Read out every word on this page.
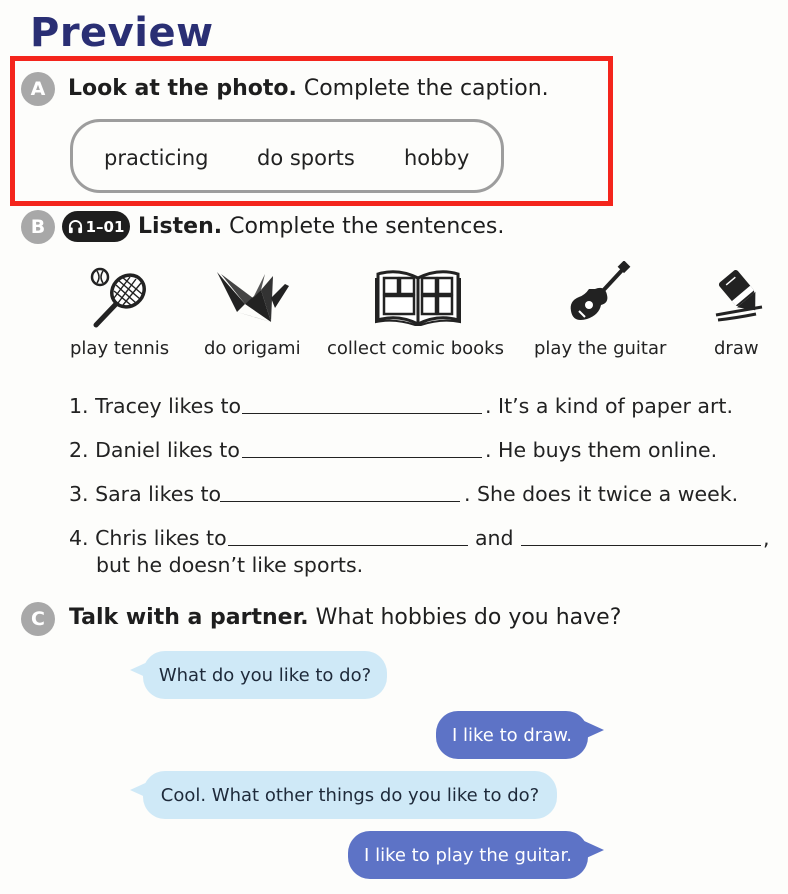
Preview
A	Look at the photo. Complete the caption.
practicing do sports hobby
B	1–01 Listen. Complete the sentences.
play tennis do origami collect comic books play the guitar	draw
1. Tracey likes to	. It’s a kind of paper art.
2. Daniel likes to	. He buys them online.
3. Sara likes to	. She does it twice a week.
4. Chris likes to	and	,
but he doesn’t like sports.
C	Talk with a partner. What hobbies do you have?
What do you like to do?
I like to draw.
Cool. What other things do you like to do?
I like to play the guitar.
